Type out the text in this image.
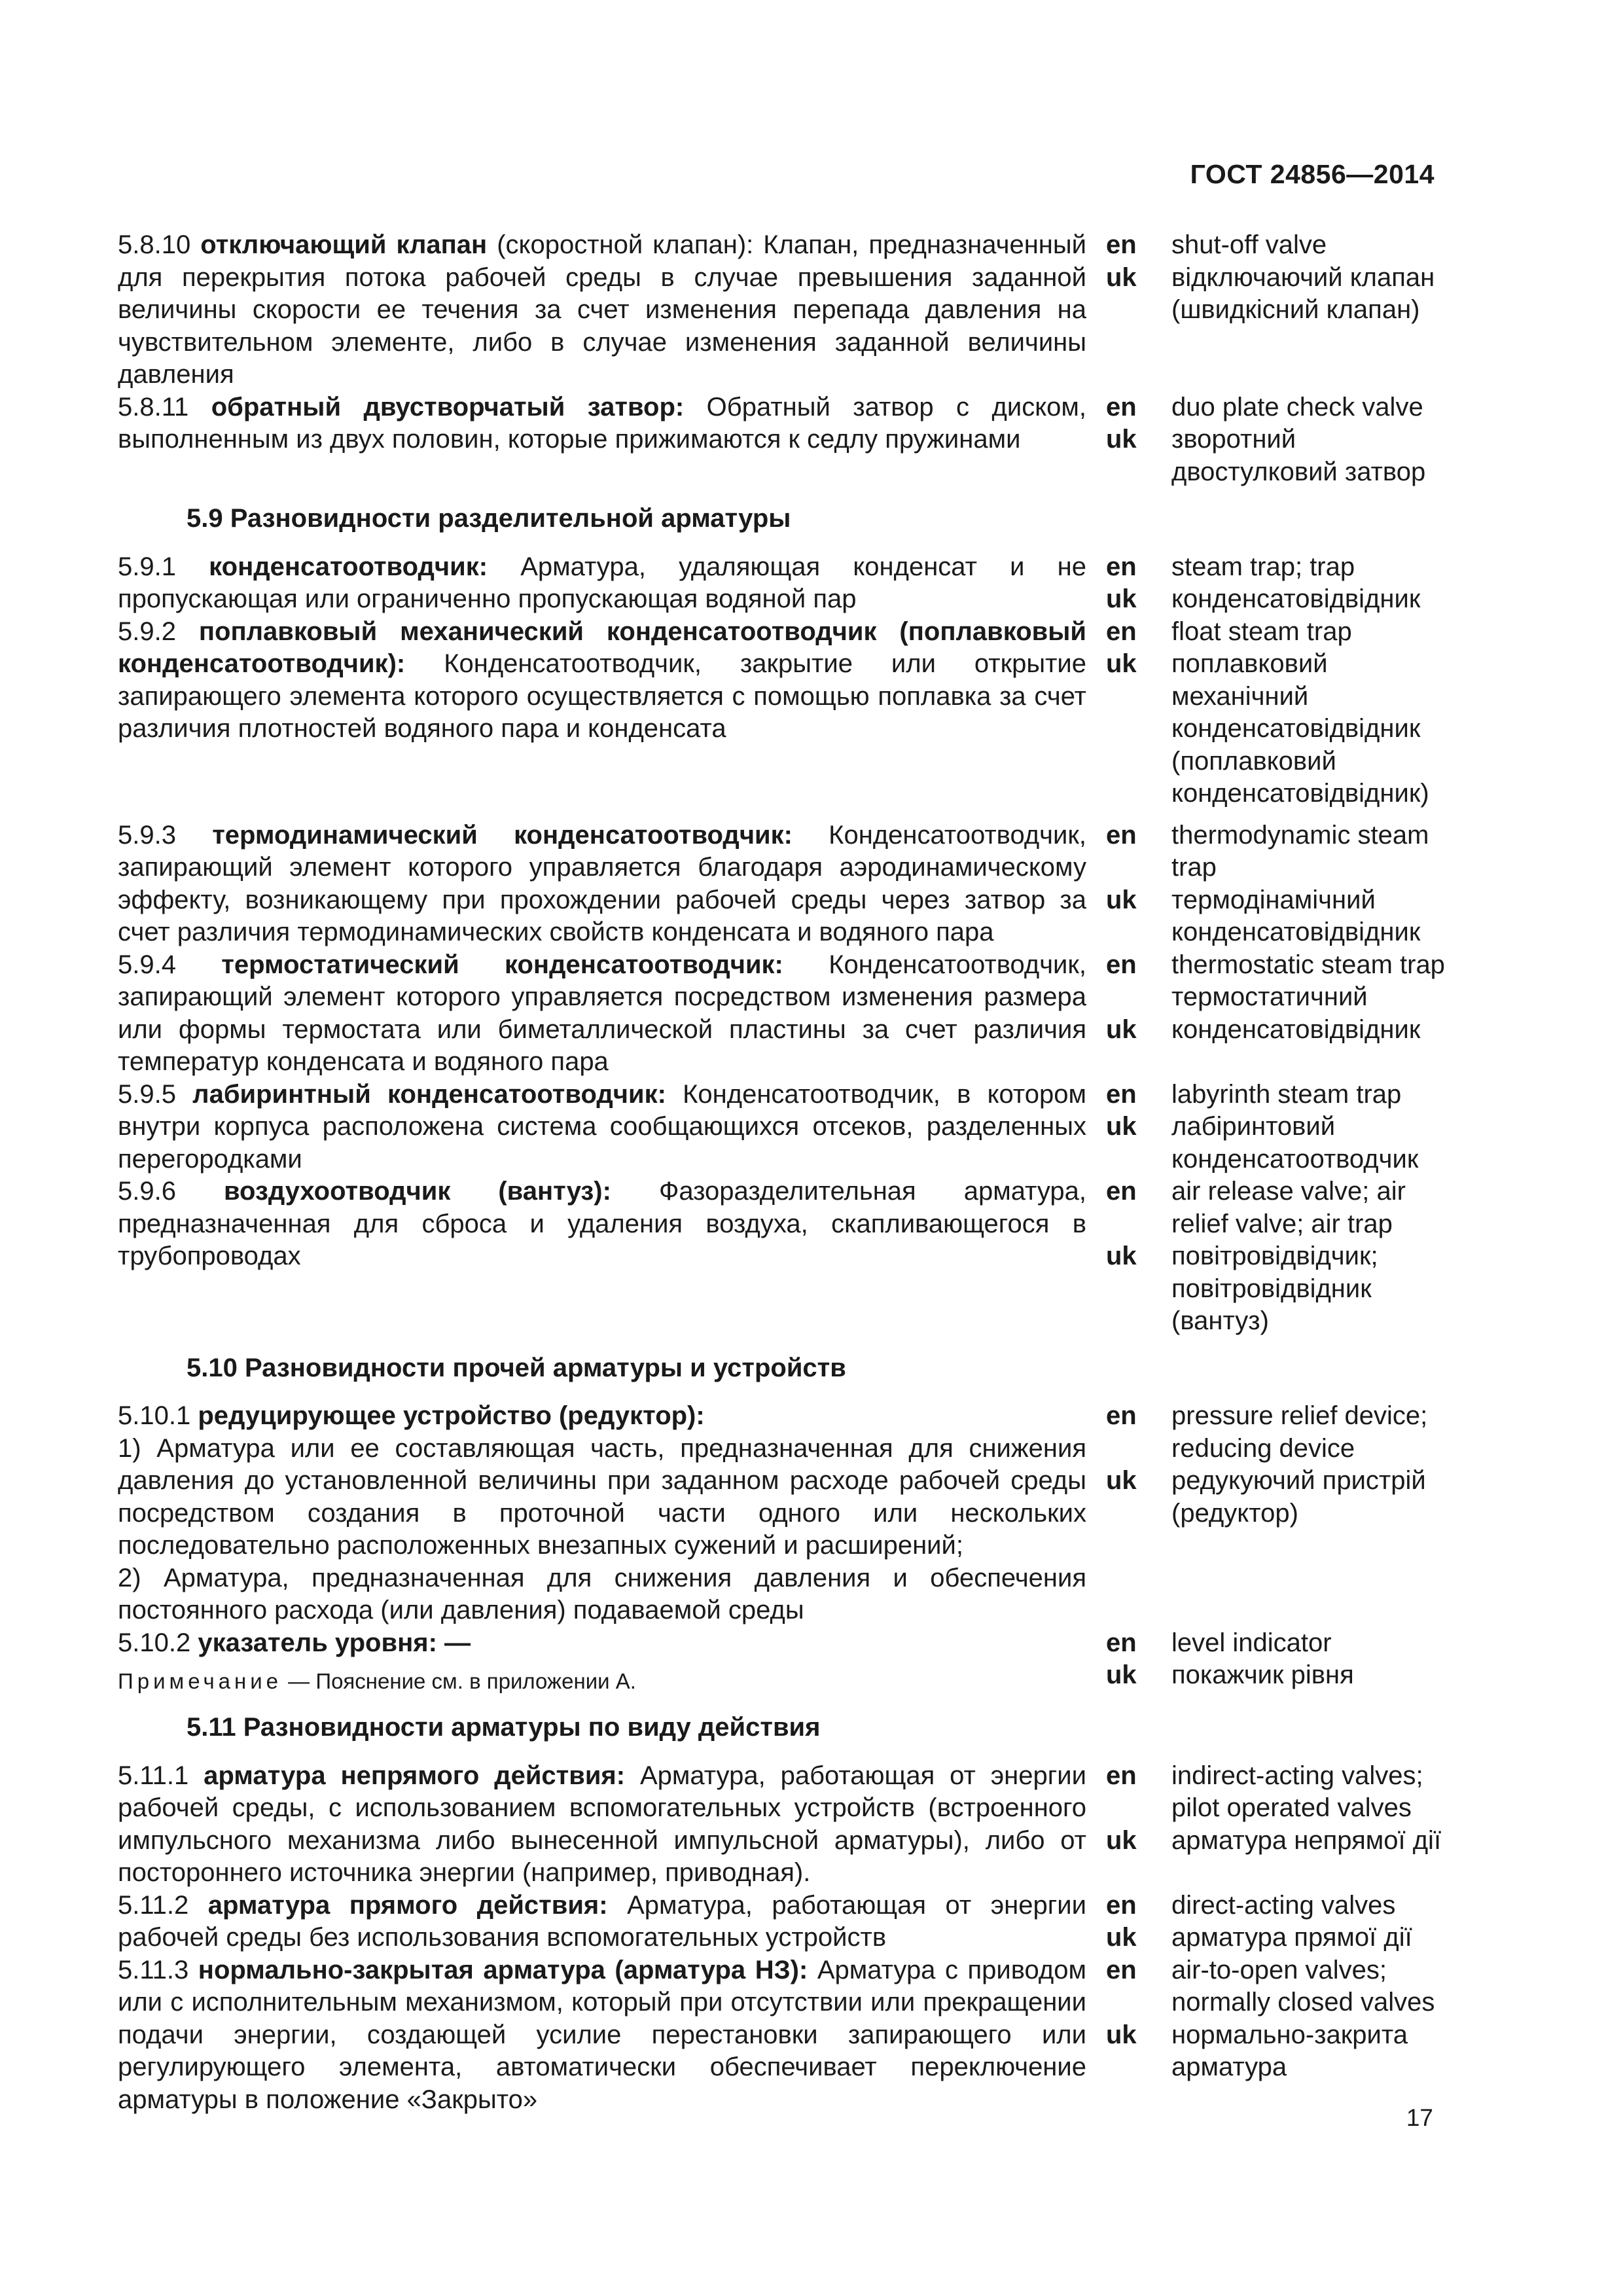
ГОСТ 24856—2014
5.8.10 отключающий клапан (скоростной клапан): Клапан, предназначенный для перекрытия потока рабочей среды в случае превышения заданной величины скорости ее течения за счет изменения перепада давления на чувствительном элементе, либо в случае изменения заданной величины давления
en
uk
shut-off valve
відключаючий клапан (швидкісний клапан)
5.8.11 обратный двустворчатый затвор: Обратный затвор с диском, выполненным из двух половин, которые прижимаются к седлу пружинами
en
uk
duo plate check valve
зворотний двостулковий затвор
5.9 Разновидности разделительной арматуры
5.9.1 конденсатоотводчик: Арматура, удаляющая конденсат и не пропускающая или ограниченно пропускающая водяной пар
en
uk
steam trap; trap
конденсатовідвідник
5.9.2 поплавковый механический конденсатоотводчик (поплавковый конденсатоотводчик): Конденсатоотводчик, закрытие или открытие запирающего элемента которого осуществляется с помощью поплавка за счет различия плотностей водяного пара и конденсата
en
uk
float steam trap
поплавковий механічний конденсатовідвідник (поплавковий конденсатовідвідник)
5.9.3 термодинамический конденсатоотводчик: Конденсатоотводчик, запирающий элемент которого управляется благодаря аэродинамическому эффекту, возникающему при прохождении рабочей среды через затвор за счет различия термодинамических свойств конденсата и водяного пара
en

uk
thermodynamic steam trap
термодінамічний конденсатовідвідник
5.9.4 термостатический конденсатоотводчик: Конденсатоотводчик, запирающий элемент которого управляется посредством изменения размера или формы термостата или биметаллической пластины за счет различия температур конденсата и водяного пара
en

uk
thermostatic steam trap
термостатичний конденсатовідвідник
5.9.5 лабиринтный конденсатоотводчик: Конденсатоотводчик, в котором внутри корпуса расположена система сообщающихся отсеков, разделенных перегородками
en
uk
labyrinth steam trap
лабіринтовий конденсатоотводчик
5.9.6 воздухоотводчик (вантуз): Фазоразделительная арматура, предназначенная для сброса и удаления воздуха, скапливающегося в трубопроводах
en

uk
air release valve; air relief valve; air trap
повітровідвідчик; повітровідвідник (вантуз)
5.10 Разновидности прочей арматуры и устройств
5.10.1 редуцирующее устройство (редуктор):
1) Арматура или ее составляющая часть, предназначенная для снижения давления до установленной величины при заданном расходе рабочей среды посредством создания в проточной части одного или нескольких последовательно расположенных внезапных сужений и расширений;
2) Арматура, предназначенная для снижения давления и обеспечения постоянного расхода (или давления) подаваемой среды
en

uk
pressure relief device; reducing device
редукуючий пристрій (редуктор)
5.10.2 указатель уровня: —
Примечание — Пояснение см. в приложении А.
en
uk
level indicator
покажчик рівня
5.11 Разновидности арматуры по виду действия
5.11.1 арматура непрямого действия: Арматура, работающая от энергии рабочей среды, с использованием вспомогательных устройств (встроенного импульсного механизма либо вынесенной импульсной арматуры), либо от постороннего источника энергии (например, приводная).
en

uk
indirect-acting valves; pilot operated valves
арматура непрямої дії
5.11.2 арматура прямого действия: Арматура, работающая от энергии рабочей среды без использования вспомогательных устройств
en
uk
direct-acting valves
арматура прямої дії
5.11.3 нормально-закрытая арматура (арматура НЗ): Арматура с приводом или с исполнительным механизмом, который при отсутствии или прекращении подачи энергии, создающей усилие перестановки запирающего или регулирующего элемента, автоматически обеспечивает переключение арматуры в положение «Закрыто»
en

uk
air-to-open valves; normally closed valves
нормально-закрита арматура
17
